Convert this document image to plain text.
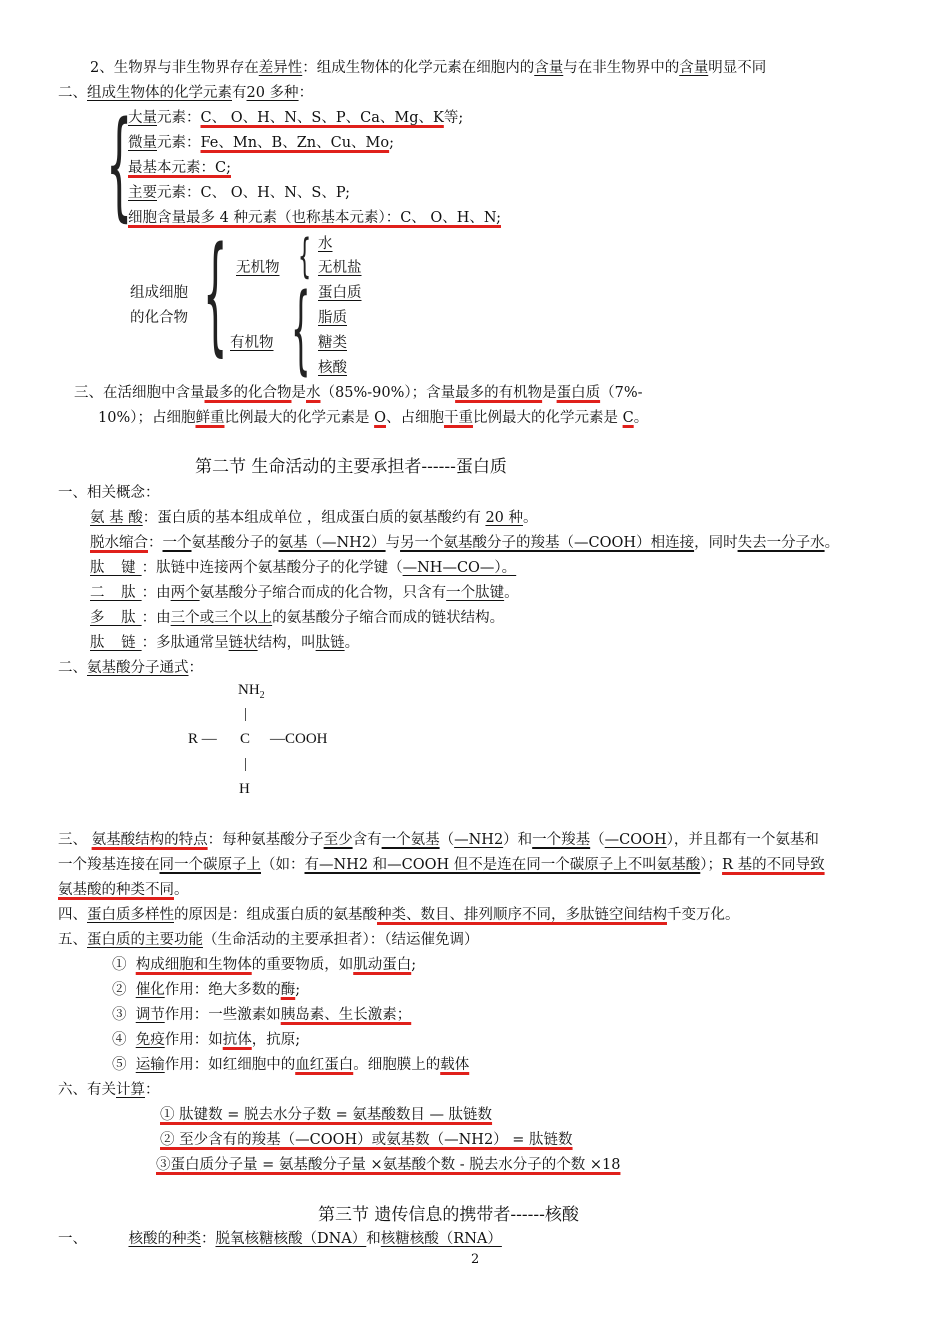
2、生物界与非生物界存在差异性：组成生物体的化学元素在细胞内的含量与在非生物界中的含量明显不同
二、组成生物体的化学元素有20 多种：
{
大量元素：C、 O、H、N、S、P、Ca、Mg、K等;
微量元素：Fe、Mn、B、Zn、Cu、Mo;
最基本元素：C;
主要元素：C、 O、H、N、S、P;
细胞含量最多 4 种元素（也称基本元素）：C、 O、H、N;
组成细胞
的化合物 { 无机物 { 水
无机盐
有机物 { 蛋白质
脂质
糖类
核酸
三、在活细胞中含量最多的化合物是水（85%-90%）；含量最多的有机物是蛋白质（7%-
10%）；占细胞鲜重比例最大的化学元素是 O、占细胞干重比例最大的化学元素是 C。
第二节 生命活动的主要承担者------蛋白质
一、相关概念：
氨 基 酸：蛋白质的基本组成单位 ，组成蛋白质的氨基酸约有 20 种。
脱水缩合：一个氨基酸分子的氨基（—NH2）与另一个氨基酸分子的羧基（—COOH）相连接，同时失去一分子水。
肽 键：肽链中连接两个氨基酸分子的化学键（—NH—CO—）。
二 肽：由两个氨基酸分子缩合而成的化合物，只含有一个肽键。
多 肽：由三个或三个以上的氨基酸分子缩合而成的链状结构。
肽 链：多肽通常呈链状结构，叫肽链。
二、氨基酸分子通式：
$NH_2$
|
R — C —COOH
|
H
三、 氨基酸结构的特点：每种氨基酸分子至少含有一个氨基（—NH2）和一个羧基（—COOH），并且都有一个氨基和
一个羧基连接在同一个碳原子上（如：有—NH2 和—COOH 但不是连在同一个碳原子上不叫氨基酸）；R 基的不同导致
氨基酸的种类不同。
四、蛋白质多样性的原因是：组成蛋白质的氨基酸种类、数目、排列顺序不同，多肽链空间结构千变万化。
五、蛋白质的主要功能（生命活动的主要承担者）：（结运催免调）
① 构成细胞和生物体的重要物质，如肌动蛋白;
② 催化作用：绝大多数的酶;
③ 调节作用：一些激素如胰岛素、生长激素；
④ 免疫作用：如抗体，抗原;
⑤ 运输作用：如红细胞中的血红蛋白。细胞膜上的载体
六、有关计算：
① 肽键数 = 脱去水分子数 = 氨基酸数目 — 肽链数
② 至少含有的羧基（—COOH）或氨基数（—NH2） = 肽链数
③蛋白质分子量 = 氨基酸分子量 ×氨基酸个数 - 脱去水分子的个数 ×18
第三节 遗传信息的携带者------核酸
一、	核酸的种类：脱氧核糖核酸（DNA）和核糖核酸（RNA）
2
